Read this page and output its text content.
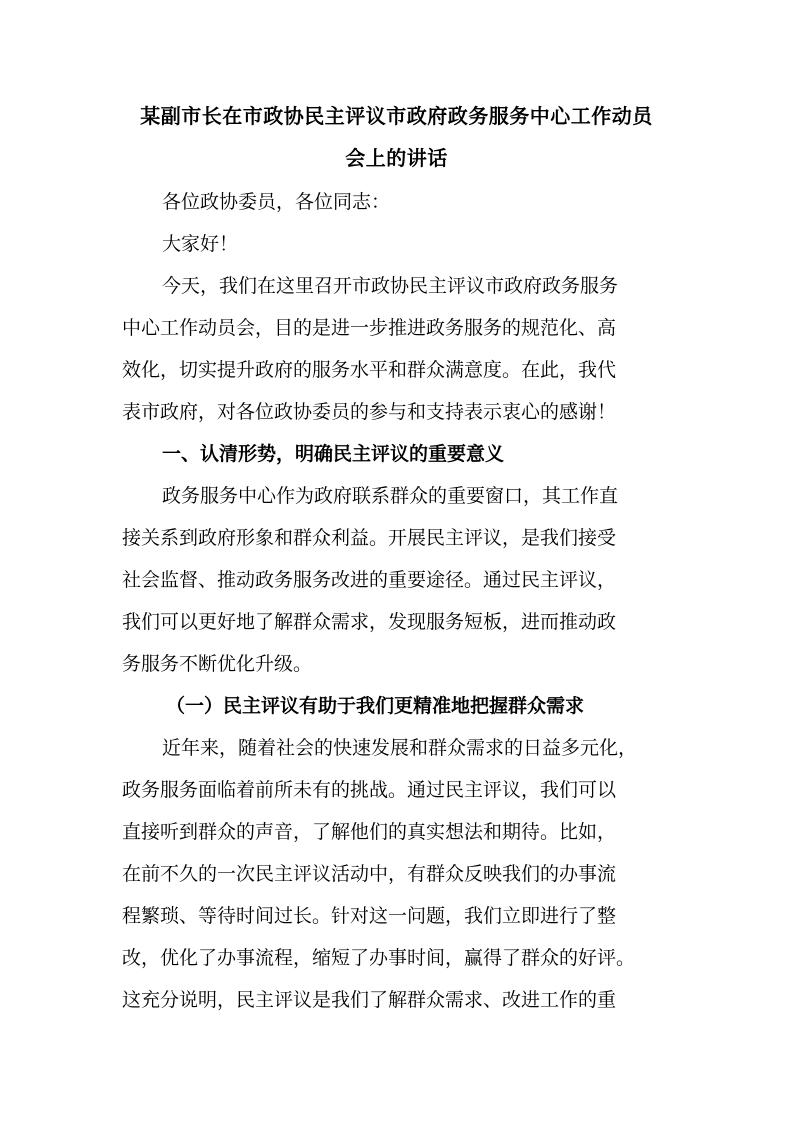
某副市长在市政协民主评议市政府政务服务中心工作动员
会上的讲话
各位政协委员，各位同志：
大家好！
今天，我们在这里召开市政协民主评议市政府政务服务
中心工作动员会，目的是进一步推进政务服务的规范化、高
效化，切实提升政府的服务水平和群众满意度。在此，我代
表市政府，对各位政协委员的参与和支持表示衷心的感谢！
一、认清形势，明确民主评议的重要意义
政务服务中心作为政府联系群众的重要窗口，其工作直
接关系到政府形象和群众利益。开展民主评议，是我们接受
社会监督、推动政务服务改进的重要途径。通过民主评议，
我们可以更好地了解群众需求，发现服务短板，进而推动政
务服务不断优化升级。
（一）民主评议有助于我们更精准地把握群众需求
近年来，随着社会的快速发展和群众需求的日益多元化，
政务服务面临着前所未有的挑战。通过民主评议，我们可以
直接听到群众的声音，了解他们的真实想法和期待。比如，
在前不久的一次民主评议活动中，有群众反映我们的办事流
程繁琐、等待时间过长。针对这一问题，我们立即进行了整
改，优化了办事流程，缩短了办事时间，赢得了群众的好评。
这充分说明，民主评议是我们了解群众需求、改进工作的重
